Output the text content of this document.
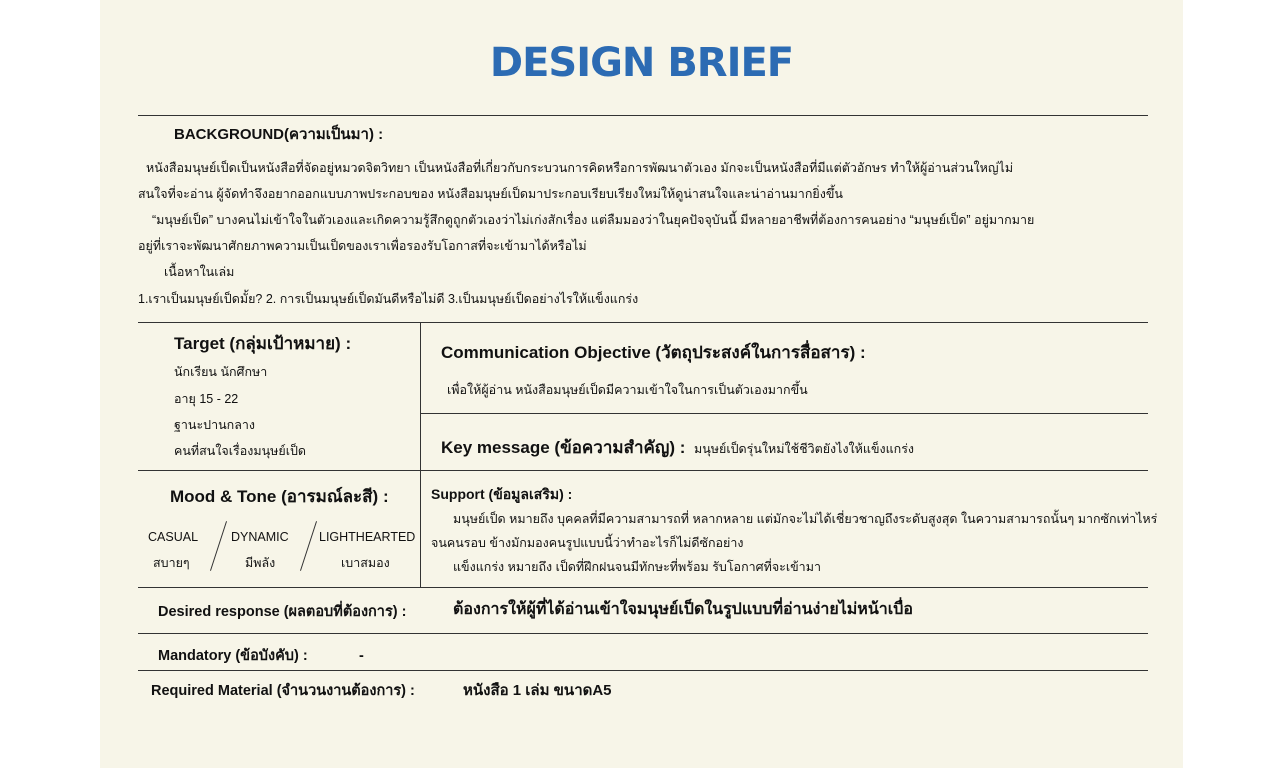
DESIGN BRIEF
BACKGROUND(ความเป็นมา) :
หนังสือมนุษย์เป็ดเป็นหนังสือที่จัดอยู่หมวดจิตวิทยา เป็นหนังสือที่เกี่ยวกับกระบวนการคิดหรือการพัฒนาตัวเอง มักจะเป็นหนังสือที่มีแต่ตัวอักษร ทำให้ผู้อ่านส่วนใหญ่ไม่
สนใจที่จะอ่าน ผู้จัดทำจึงอยากออกแบบภาพประกอบของ หนังสือมนุษย์เป็ดมาประกอบเรียบเรียงใหม่ให้ดูน่าสนใจและน่าอ่านมากยิ่งขึ้น
“มนุษย์เป็ด” บางคนไม่เข้าใจในตัวเองและเกิดความรู้สึกดูถูกตัวเองว่าไม่เก่งสักเรื่อง แต่ลืมมองว่าในยุคปัจจุบันนี้ มีหลายอาชีพที่ต้องการคนอย่าง “มนุษย์เป็ด” อยู่มากมาย
อยู่ที่เราจะพัฒนาศักยภาพความเป็นเป็ดของเราเพื่อรองรับโอกาสที่จะเข้ามาได้หรือไม่
เนื้อหาในเล่ม
1.เราเป็นมนุษย์เป็ดมั้ย? 2. การเป็นมนุษย์เป็ดมันดีหรือไม่ดี 3.เป็นมนุษย์เป็ดอย่างไรให้แข็งแกร่ง
Target (กลุ่มเป้าหมาย) :
นักเรียน นักศึกษา
อายุ 15 - 22
ฐานะปานกลาง
คนที่สนใจเรื่องมนุษย์เป็ด
Communication Objective (วัตถุประสงค์ในการสื่อสาร) :
เพื่อให้ผู้อ่าน หนังสือมนุษย์เป็ดมีความเข้าใจในการเป็นตัวเองมากขึ้น
Key message (ข้อความสำคัญ) : มนุษย์เป็ดรุ่นใหม่ใช้ชีวิตยังไงให้แข็งแกร่ง
Mood & Tone (อารมณ์ละสี) :
CASUAL
สบายๆ
DYNAMIC
มีพลัง
LIGHTHEARTED
เบาสมอง
Support (ข้อมูลเสริม) :
มนุษย์เป็ด หมายถึง บุคคลที่มีความสามารถที่ หลากหลาย แต่มักจะไม่ได้เชี่ยวชาญถึงระดับสูงสุด ในความสามารถนั้นๆ มากซักเท่าไหร่
จนคนรอบ ข้างมักมองคนรูปแบบนี้ว่าทำอะไรก็ไม่ดีซักอย่าง
แข็งแกร่ง หมายถึง เป็ดที่ฝึกฝนจนมีทักษะที่พร้อม รับโอกาศที่จะเข้ามา
Desired response (ผลตอบที่ต้องการ) :	ต้องการให้ผู้ที่ได้อ่านเข้าใจมนุษย์เป็ดในรูปแบบที่อ่านง่ายไม่หน้าเบื่อ
Mandatory (ข้อบังคับ) :	-
Required Material (จำนวนงานต้องการ) :	หนังสือ 1 เล่ม ขนาดA5
